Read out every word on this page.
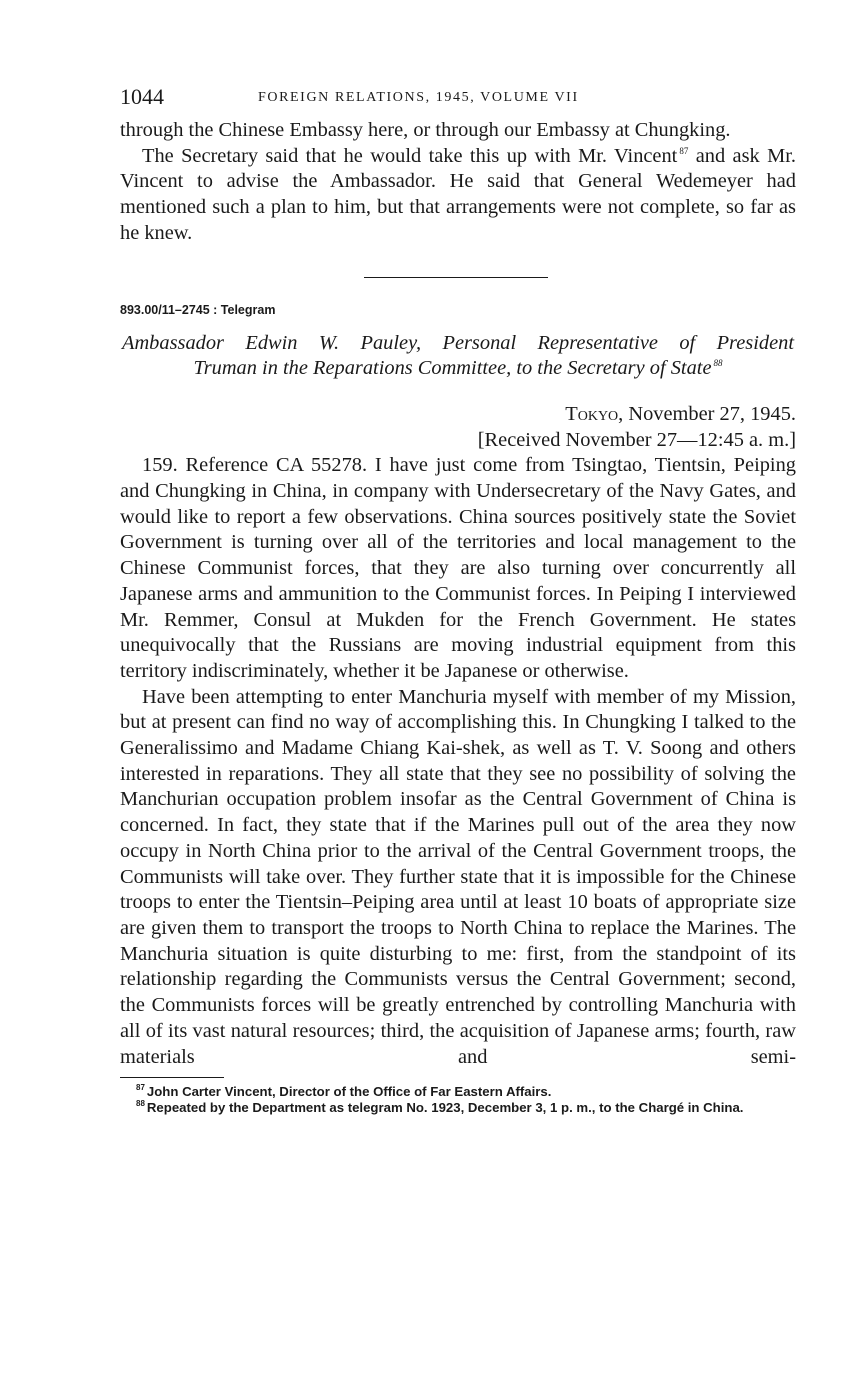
1044	FOREIGN RELATIONS, 1945, VOLUME VII

through the Chinese Embassy here, or through our Embassy at Chungking.

The Secretary said that he would take this up with Mr. Vincent $^{87}$ and ask Mr. Vincent to advise the Ambassador. He said that General Wedemeyer had mentioned such a plan to him, but that arrangements were not complete, so far as he knew.

893.00/11–2745 : Telegram
Ambassador Edwin W. Pauley, Personal Representative of President
Truman in the Reparations Committee, to the Secretary of State $^{88}$
Tokyo, November 27, 1945.
[Received November 27—12:45 a. m.]

159. Reference CA 55278. I have just come from Tsingtao, Tientsin, Peiping and Chungking in China, in company with Undersecretary of the Navy Gates, and would like to report a few observations. China sources positively state the Soviet Government is turning over all of the territories and local management to the Chinese Communist forces, that they are also turning over concurrently all Japanese arms and ammunition to the Communist forces. In Peiping I interviewed Mr. Remmer, Consul at Mukden for the French Government. He states unequivocally that the Russians are moving industrial equipment from this territory indiscriminately, whether it be Japanese or otherwise.

Have been attempting to enter Manchuria myself with member of my Mission, but at present can find no way of accomplishing this. In Chungking I talked to the Generalissimo and Madame Chiang Kai-shek, as well as T. V. Soong and others interested in reparations. They all state that they see no possibility of solving the Manchurian occupation problem insofar as the Central Government of China is concerned. In fact, they state that if the Marines pull out of the area they now occupy in North China prior to the arrival of the Central Government troops, the Communists will take over. They further state that it is impossible for the Chinese troops to enter the Tientsin–Peiping area until at least 10 boats of appropriate size are given them to transport the troops to North China to replace the Marines. The Manchuria situation is quite disturbing to me: first, from the standpoint of its relationship regarding the Communists versus the Central Government; second, the Communists forces will be greatly entrenched by controlling Manchuria with all of its vast natural resources; third, the acquisition of Japanese arms; fourth, raw materials and semi-

$^{87}$ John Carter Vincent, Director of the Office of Far Eastern Affairs.

$^{88}$ Repeated by the Department as telegram No. 1923, December 3, 1 p. m., to the Chargé in China.
